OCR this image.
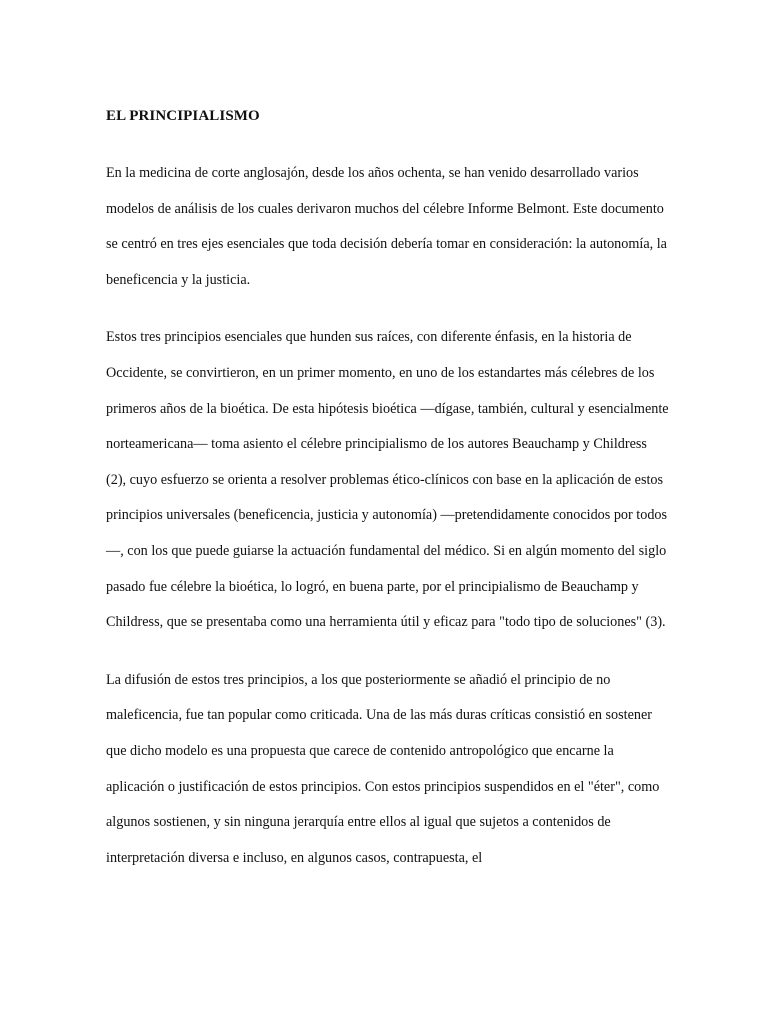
EL PRINCIPIALISMO

En la medicina de corte anglosajón, desde los años ochenta, se han venido desarrollado varios modelos de análisis de los cuales derivaron muchos del célebre Informe Belmont. Este documento se centró en tres ejes esenciales que toda decisión debería tomar en consideración: la autonomía, la beneficencia y la justicia.

Estos tres principios esenciales que hunden sus raíces, con diferente énfasis, en la historia de Occidente, se convirtieron, en un primer momento, en uno de los estandartes más célebres de los primeros años de la bioética. De esta hipótesis bioética —dígase, también, cultural y esencialmente norteamericana— toma asiento el célebre principialismo de los autores Beauchamp y Childress (2), cuyo esfuerzo se orienta a resolver problemas ético-clínicos con base en la aplicación de estos principios universales (beneficencia, justicia y autonomía) —pretendidamente conocidos por todos—, con los que puede guiarse la actuación fundamental del médico. Si en algún momento del siglo pasado fue célebre la bioética, lo logró, en buena parte, por el principialismo de Beauchamp y Childress, que se presentaba como una herramienta útil y eficaz para "todo tipo de soluciones" (3).

La difusión de estos tres principios, a los que posteriormente se añadió el principio de no maleficencia, fue tan popular como criticada. Una de las más duras críticas consistió en sostener que dicho modelo es una propuesta que carece de contenido antropológico que encarne la aplicación o justificación de estos principios. Con estos principios suspendidos en el "éter", como algunos sostienen, y sin ninguna jerarquía entre ellos al igual que sujetos a contenidos de interpretación diversa e incluso, en algunos casos, contrapuesta, el
